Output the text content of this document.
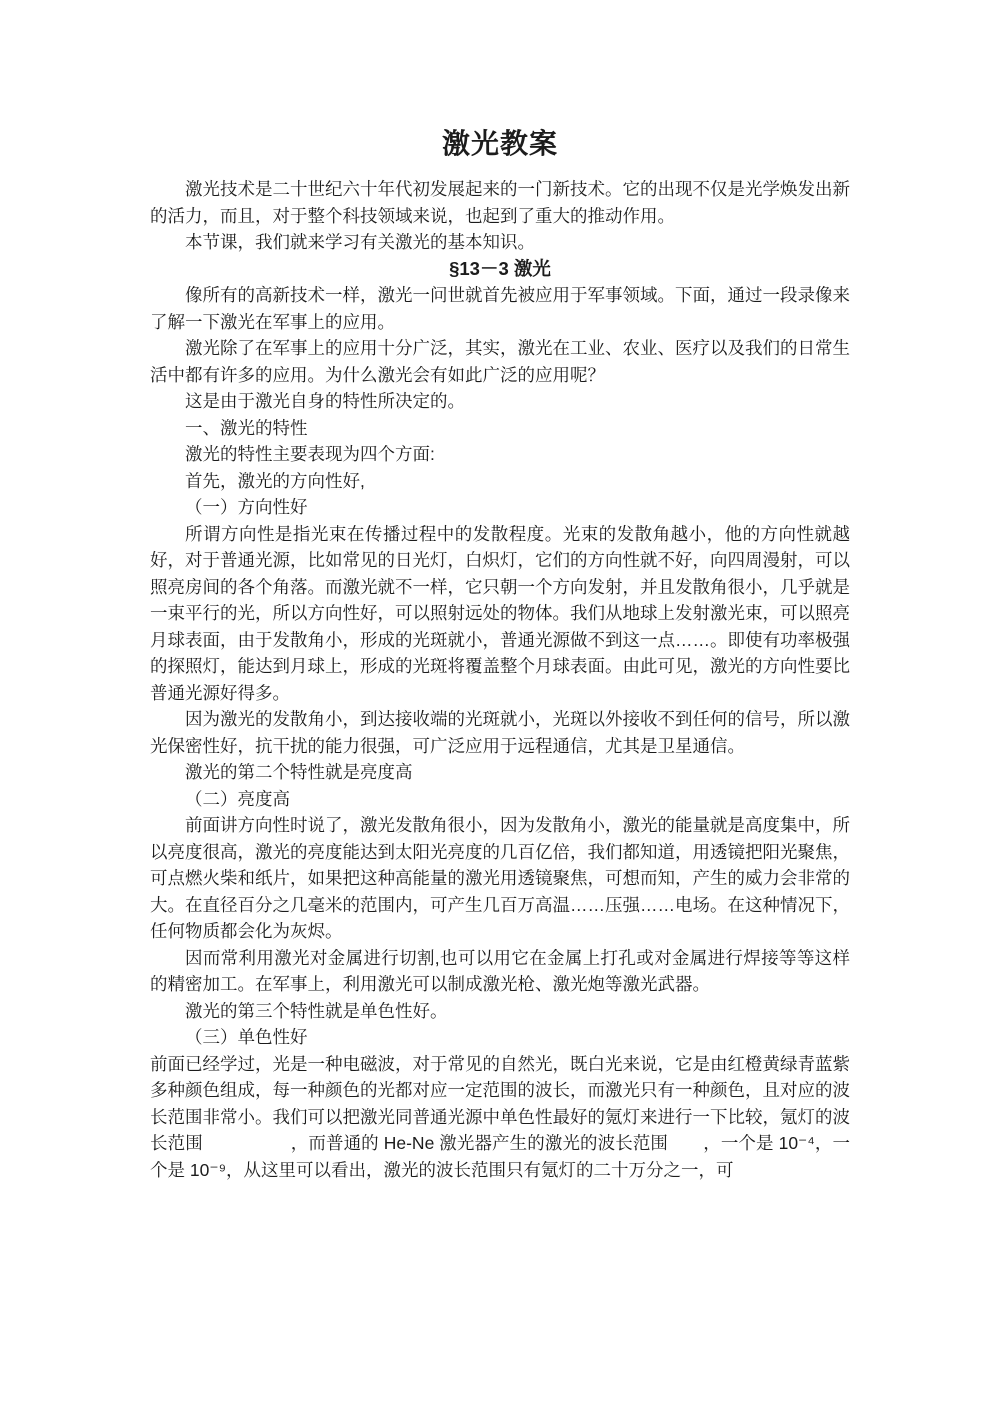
激光教案

激光技术是二十世纪六十年代初发展起来的一门新技术。它的出现不仅是光学焕发出新的活力，而且，对于整个科技领域来说，也起到了重大的推动作用。

本节课，我们就来学习有关激光的基本知识。

§13－3 激光

像所有的高新技术一样，激光一问世就首先被应用于军事领域。下面，通过一段录像来了解一下激光在军事上的应用。

激光除了在军事上的应用十分广泛，其实，激光在工业、农业、医疗以及我们的日常生活中都有许多的应用。为什么激光会有如此广泛的应用呢？

这是由于激光自身的特性所决定的。

一、激光的特性

激光的特性主要表现为四个方面:

首先，激光的方向性好,

（一）方向性好

所谓方向性是指光束在传播过程中的发散程度。光束的发散角越小，他的方向性就越好，对于普通光源，比如常见的日光灯，白炽灯，它们的方向性就不好，向四周漫射，可以照亮房间的各个角落。而激光就不一样，它只朝一个方向发射，并且发散角很小，几乎就是一束平行的光，所以方向性好，可以照射远处的物体。我们从地球上发射激光束，可以照亮月球表面，由于发散角小，形成的光斑就小，普通光源做不到这一点……。即使有功率极强的探照灯，能达到月球上，形成的光斑将覆盖整个月球表面。由此可见，激光的方向性要比普通光源好得多。

因为激光的发散角小，到达接收端的光斑就小，光斑以外接收不到任何的信号，所以激光保密性好，抗干扰的能力很强，可广泛应用于远程通信，尤其是卫星通信。

激光的第二个特性就是亮度高

（二）亮度高

前面讲方向性时说了，激光发散角很小，因为发散角小，激光的能量就是高度集中，所以亮度很高，激光的亮度能达到太阳光亮度的几百亿倍，我们都知道，用透镜把阳光聚焦，可点燃火柴和纸片，如果把这种高能量的激光用透镜聚焦，可想而知，产生的威力会非常的大。在直径百分之几毫米的范围内，可产生几百万高温……压强……电场。在这种情况下，任何物质都会化为灰烬。

因而常利用激光对金属进行切割,也可以用它在金属上打孔或对金属进行焊接等等这样的精密加工。在军事上，利用激光可以制成激光枪、激光炮等激光武器。

激光的第三个特性就是单色性好。

（三）单色性好

前面已经学过，光是一种电磁波，对于常见的自然光，既白光来说，它是由红橙黄绿青蓝紫多种颜色组成，每一种颜色的光都对应一定范围的波长，而激光只有一种颜色，且对应的波长范围非常小。我们可以把激光同普通光源中单色性最好的氪灯来进行一下比较，氪灯的波长范围　　　　　，而普通的 He-Ne 激光器产生的激光的波长范围　　，一个是 10⁻⁴，一个是 10⁻⁹，从这里可以看出，激光的波长范围只有氪灯的二十万分之一，可
